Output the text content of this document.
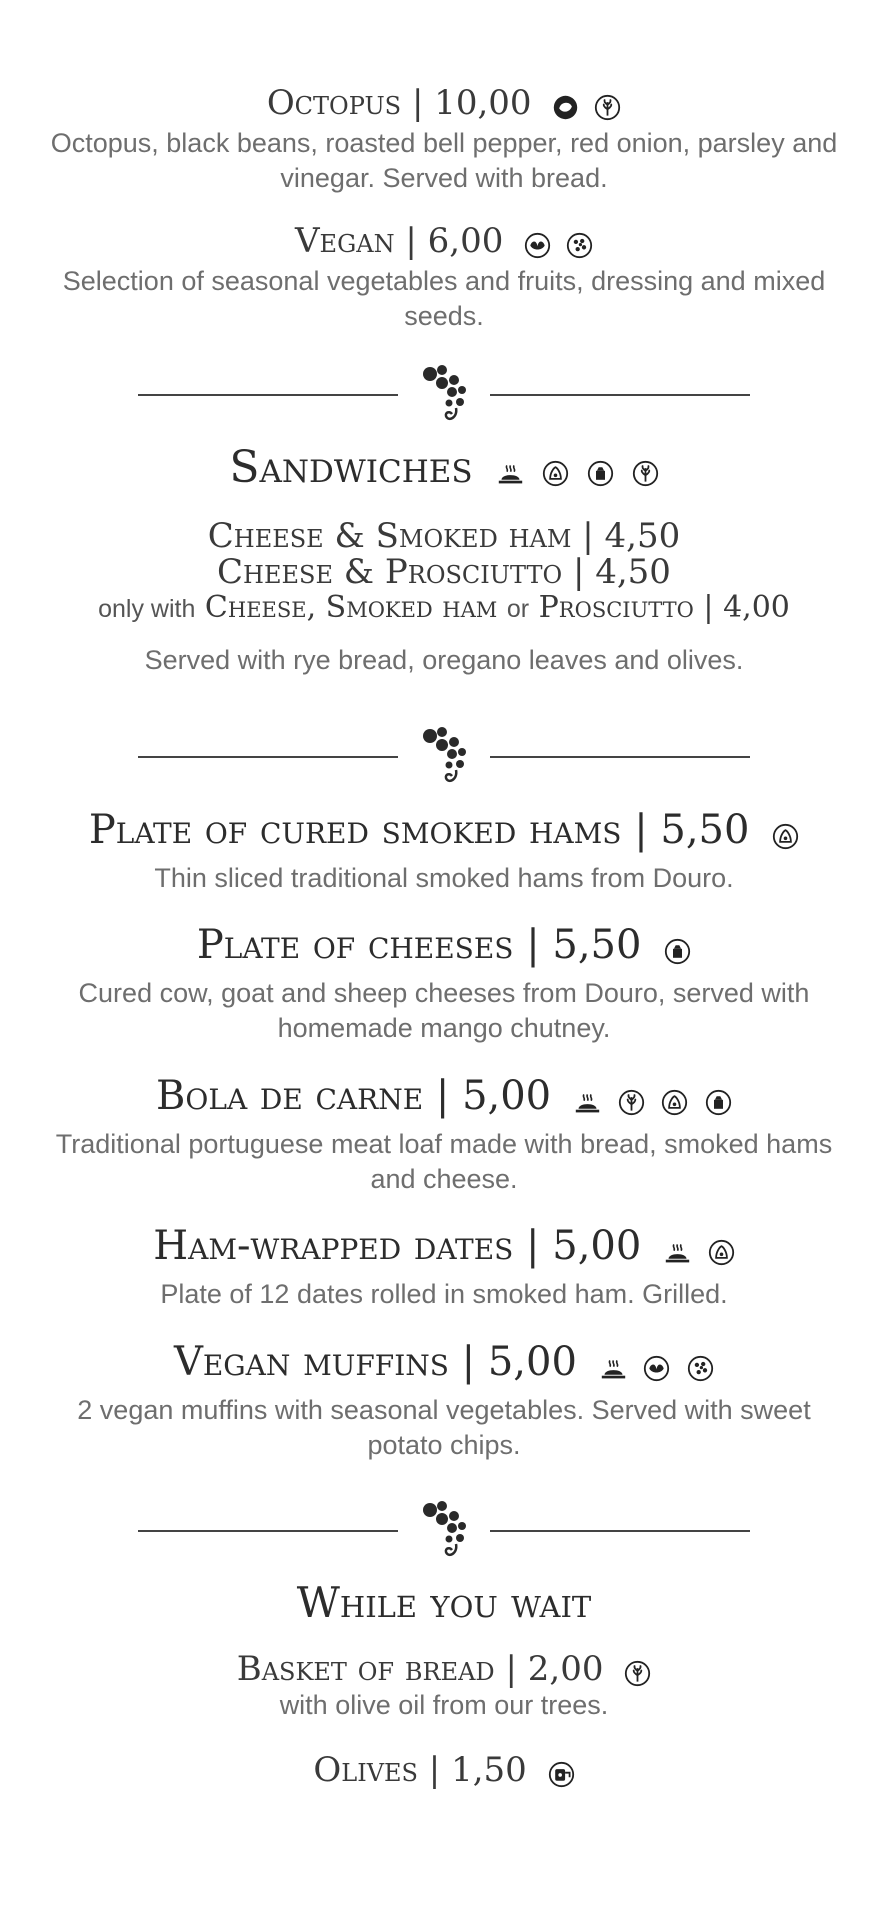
Octopus | 10,00

Octopus, black beans, roasted bell pepper, red onion, parsley and vinegar. Served with bread.
Vegan | 6,00

Selection of seasonal vegetables and fruits, dressing and mixed seeds.
Sandwiches

Cheese & Smoked ham | 4,50
Cheese & Prosciutto | 4,50
only with Cheese, Smoked ham or Prosciutto | 4,00
Served with rye bread, oregano leaves and olives.
Plate of cured smoked hams | 5,50
Thin sliced traditional smoked hams from Douro.
Plate of cheeses | 5,50
Cured cow, goat and sheep cheeses from Douro, served with homemade mango chutney.
Bola de carne | 5,00

Traditional portuguese meat loaf made with bread, smoked hams and cheese.
Ham-wrapped dates | 5,00

Plate of 12 dates rolled in smoked ham. Grilled.
Vegan muffins | 5,00

2 vegan muffins with seasonal vegetables. Served with sweet potato chips.
While you wait
Basket of bread | 2,00
with olive oil from our trees.
Olives | 1,50
